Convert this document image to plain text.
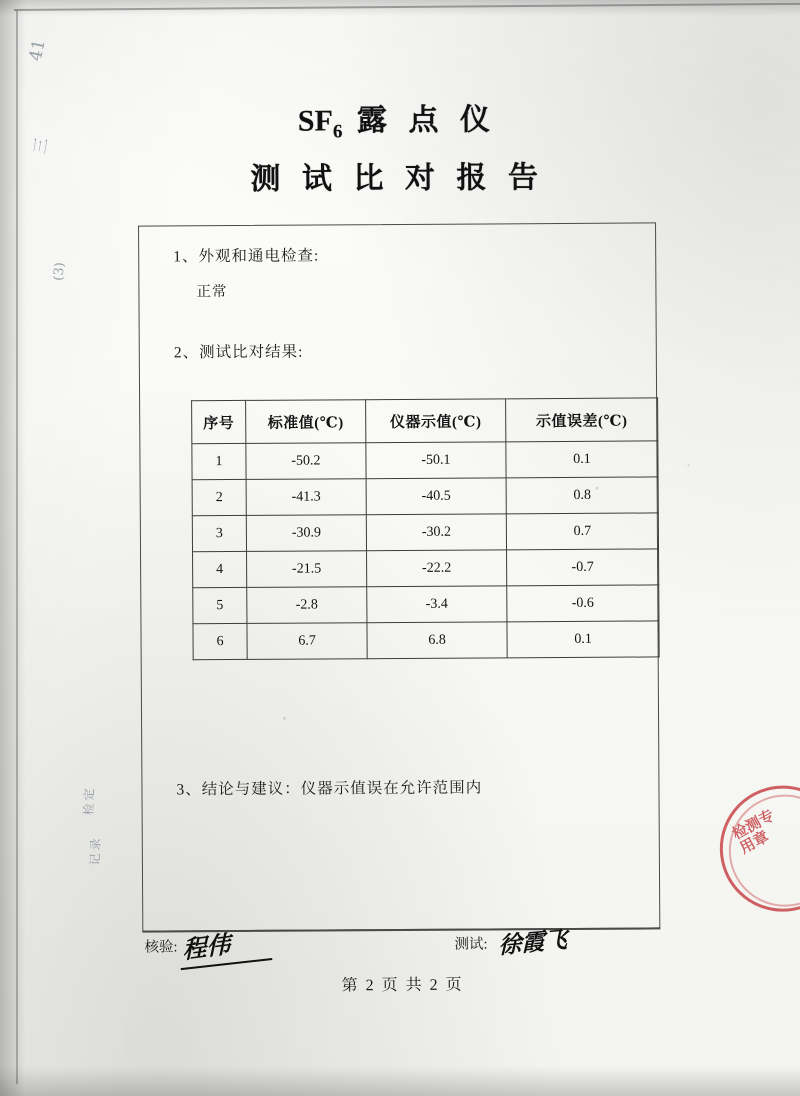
$SF_6$ 露 点 仪
测 试 比 对 报 告
1、外观和通电检查:
正常
2、测试比对结果:
序号	标准值(℃)	仪器示值(℃)	示值误差(℃)
1	-50.2	-50.1	0.1
2	-41.3	-40.5	0.8
3	-30.9	-30.2	0.7
4	-21.5	-22.2	-0.7
5	-2.8	-3.4	-0.6
6	6.7	6.8	0.1
3、结论与建议：仪器示值误在允许范围内
核验: 程伟	测试: 徐霞飞
第 2 页 共 2 页
检测专用章
41
三
(3)
检定
记录
